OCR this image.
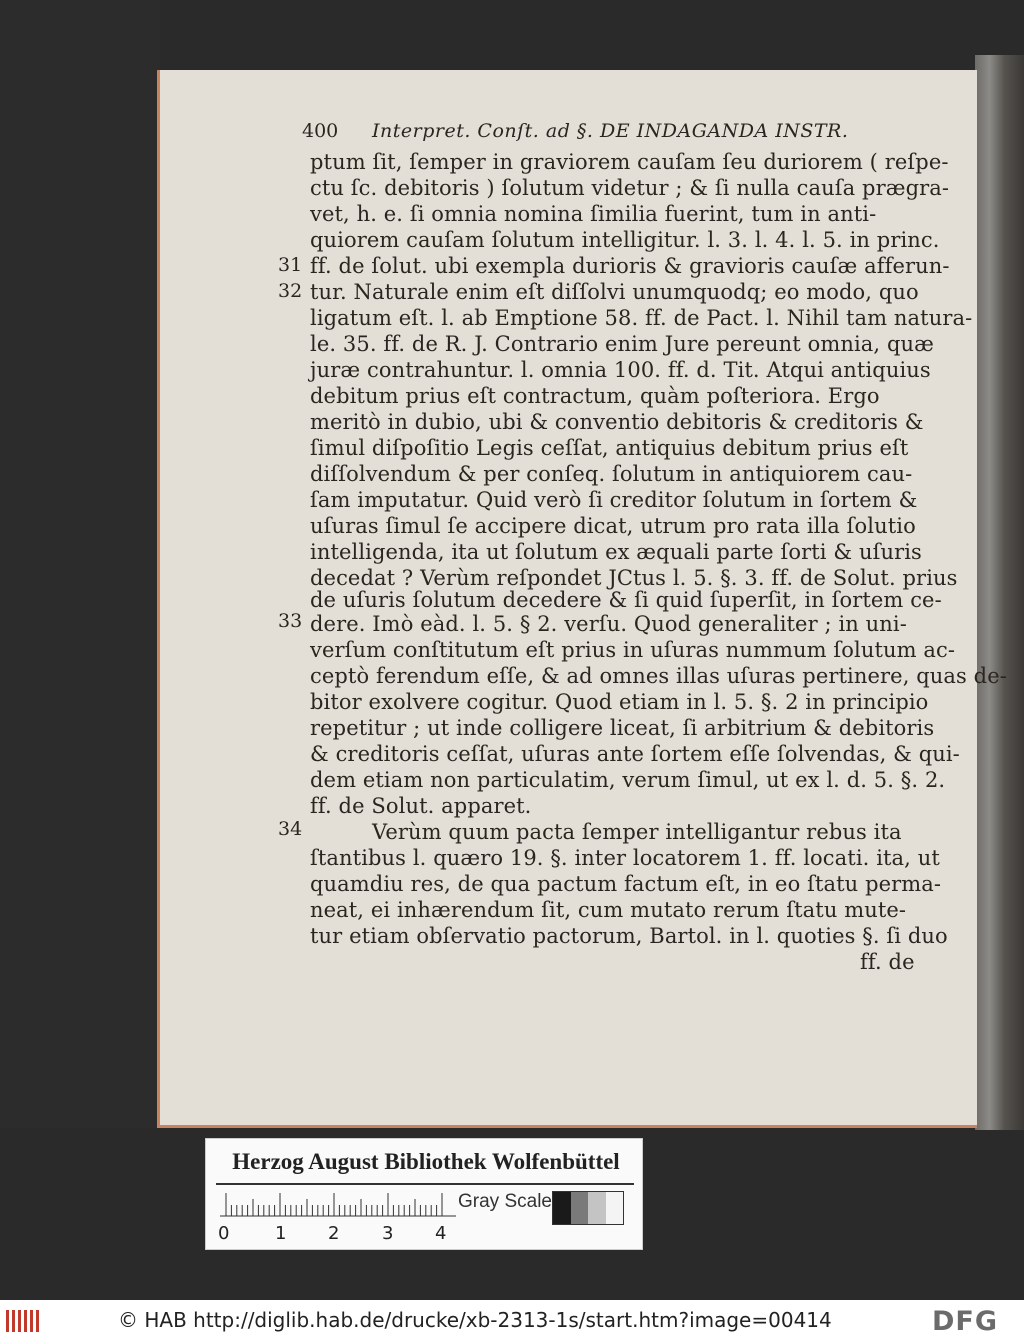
400 Interpret. Conſt. ad §. DE INDAGANDA INSTR.
31
32
33
34
ptum ſit, ſemper in graviorem cauſam ſeu duriorem ( reſpe-
ctu ſc. debitoris ) ſolutum videtur ; & ſi nulla cauſa prægra-
vet, h. e. ſi omnia nomina ſimilia fuerint, tum in anti-
quiorem cauſam ſolutum intelligitur. l. 3. l. 4. l. 5. in princ.
ff. de ſolut. ubi exempla durioris & gravioris cauſæ afferun-
tur. Naturale enim eſt diſſolvi unumquodq; eo modo, quo
ligatum eſt. l. ab Emptione 58. ff. de Pact. l. Nihil tam natura-
le. 35. ff. de R. J. Contrario enim Jure pereunt omnia, quæ
juræ contrahuntur. l. omnia 100. ff. d. Tit. Atqui antiquius
debitum prius eſt contractum, quàm poſteriora. Ergo
meritò in dubio, ubi & conventio debitoris & creditoris &
ſimul diſpoſitio Legis ceſſat, antiquius debitum prius eſt
diſſolvendum & per conſeq. ſolutum in antiquiorem cau-
ſam imputatur. Quid verò ſi creditor ſolutum in ſortem &
uſuras ſimul ſe accipere dicat, utrum pro rata illa ſolutio
intelligenda, ita ut ſolutum ex æquali parte ſorti & uſuris
decedat ? Verùm reſpondet JCtus l. 5. §. 3. ff. de Solut. prius
de uſuris ſolutum decedere & ſi quid ſuperſit, in ſortem ce-
dere. Imò eàd. l. 5. § 2. verſu. Quod generaliter ; in uni-
verſum conſtitutum eſt prius in uſuras nummum ſolutum ac-
ceptò ferendum eſſe, & ad omnes illas uſuras pertinere, quas de-
bitor exolvere cogitur. Quod etiam in l. 5. §. 2 in principio
repetitur ; ut inde colligere liceat, ſi arbitrium & debitoris
& creditoris ceſſat, uſuras ante ſortem eſſe ſolvendas, & qui-
dem etiam non particulatim, verum ſimul, ut ex l. d. 5. §. 2.
ff. de Solut. apparet.
Verùm quum pacta ſemper intelligantur rebus ita
ſtantibus l. quæro 19. §. inter locatorem 1. ff. locati. ita, ut
quamdiu res, de qua pactum factum eſt, in eo ſtatu perma-
neat, ei inhærendum ſit, cum mutato rerum ſtatu mute-
tur etiam obſervatio pactorum, Bartol. in l. quoties §. ſi duo
ff. de
Herzog August Bibliothek Wolfenbüttel
0	1 2 3 4
Gray Scale
© HAB http://diglib.hab.de/drucke/xb-2313-1s/start.htm?image=00414	DFG
